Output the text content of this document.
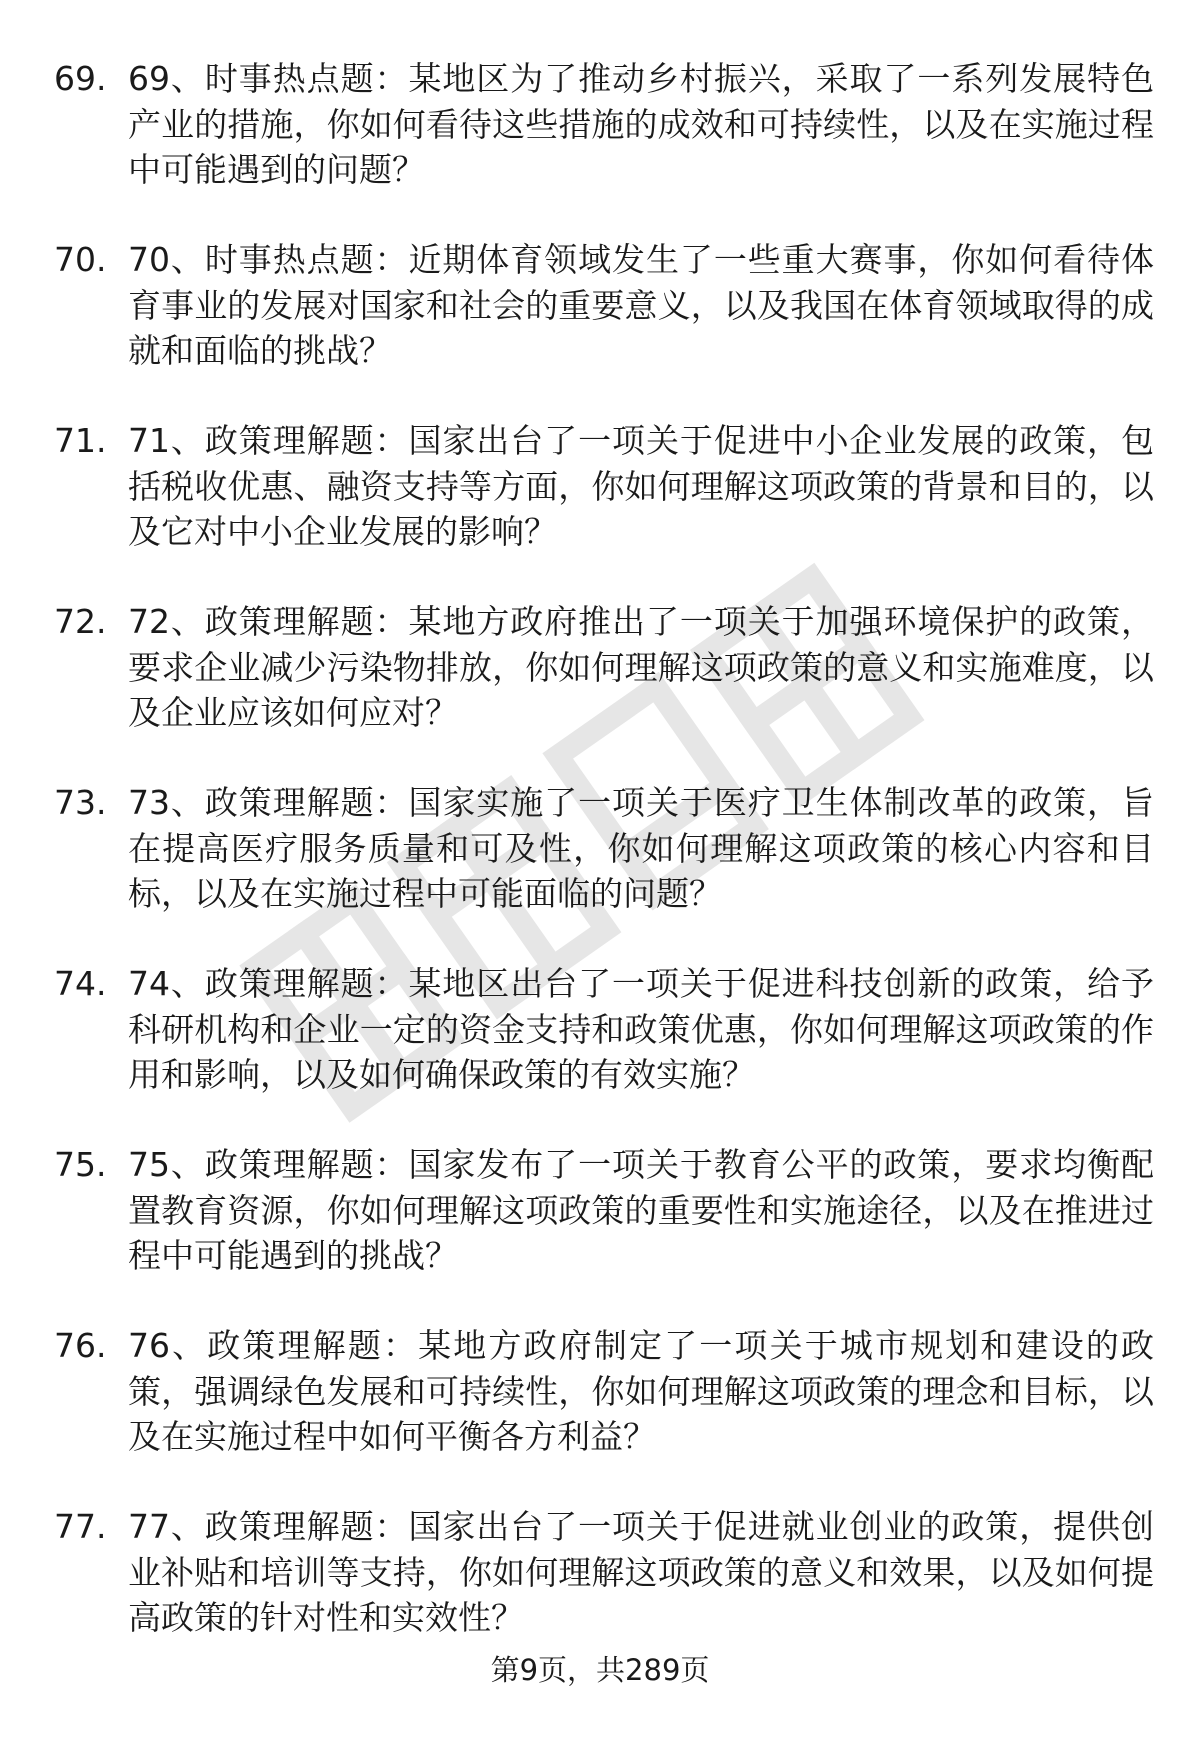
69. 69、时事热点题：某地区为了推动乡村振兴，采取了一系列发展特色产业的措施，你如何看待这些措施的成效和可持续性，以及在实施过程中可能遇到的问题？
70. 70、时事热点题：近期体育领域发生了一些重大赛事，你如何看待体育事业的发展对国家和社会的重要意义，以及我国在体育领域取得的成就和面临的挑战？
71. 71、政策理解题：国家出台了一项关于促进中小企业发展的政策，包括税收优惠、融资支持等方面，你如何理解这项政策的背景和目的，以及它对中小企业发展的影响？
72. 72、政策理解题：某地方政府推出了一项关于加强环境保护的政策，要求企业减少污染物排放，你如何理解这项政策的意义和实施难度，以及企业应该如何应对？
73. 73、政策理解题：国家实施了一项关于医疗卫生体制改革的政策，旨在提高医疗服务质量和可及性，你如何理解这项政策的核心内容和目标，以及在实施过程中可能面临的问题？
74. 74、政策理解题：某地区出台了一项关于促进科技创新的政策，给予科研机构和企业一定的资金支持和政策优惠，你如何理解这项政策的作用和影响，以及如何确保政策的有效实施？
75. 75、政策理解题：国家发布了一项关于教育公平的政策，要求均衡配置教育资源，你如何理解这项政策的重要性和实施途径，以及在推进过程中可能遇到的挑战？
76. 76、政策理解题：某地方政府制定了一项关于城市规划和建设的政策，强调绿色发展和可持续性，你如何理解这项政策的理念和目标，以及在实施过程中如何平衡各方利益？
77. 77、政策理解题：国家出台了一项关于促进就业创业的政策，提供创业补贴和培训等支持，你如何理解这项政策的意义和效果，以及如何提高政策的针对性和实效性？
第9页，共289页
